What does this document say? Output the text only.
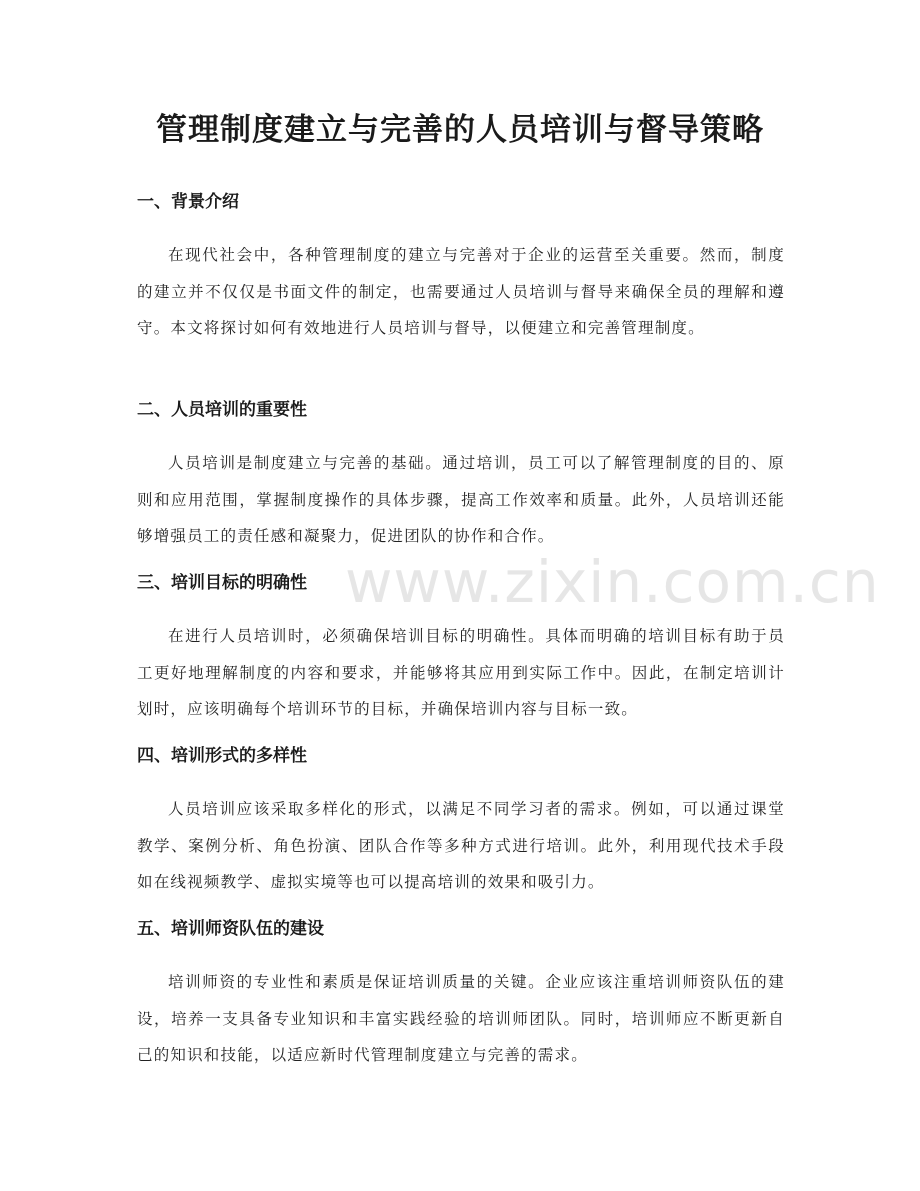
管理制度建立与完善的人员培训与督导策略
www.zixin.com.cn
一、背景介绍

在现代社会中，各种管理制度的建立与完善对于企业的运营至关重要。然而，制度的建立并不仅仅是书面文件的制定，也需要通过人员培训与督导来确保全员的理解和遵守。本文将探讨如何有效地进行人员培训与督导，以便建立和完善管理制度。

二、人员培训的重要性

人员培训是制度建立与完善的基础。通过培训，员工可以了解管理制度的目的、原则和应用范围，掌握制度操作的具体步骤，提高工作效率和质量。此外，人员培训还能够增强员工的责任感和凝聚力，促进团队的协作和合作。

三、培训目标的明确性

在进行人员培训时，必须确保培训目标的明确性。具体而明确的培训目标有助于员工更好地理解制度的内容和要求，并能够将其应用到实际工作中。因此，在制定培训计划时，应该明确每个培训环节的目标，并确保培训内容与目标一致。

四、培训形式的多样性

人员培训应该采取多样化的形式，以满足不同学习者的需求。例如，可以通过课堂教学、案例分析、角色扮演、团队合作等多种方式进行培训。此外，利用现代技术手段如在线视频教学、虚拟实境等也可以提高培训的效果和吸引力。

五、培训师资队伍的建设

培训师资的专业性和素质是保证培训质量的关键。企业应该注重培训师资队伍的建设，培养一支具备专业知识和丰富实践经验的培训师团队。同时，培训师应不断更新自己的知识和技能，以适应新时代管理制度建立与完善的需求。
